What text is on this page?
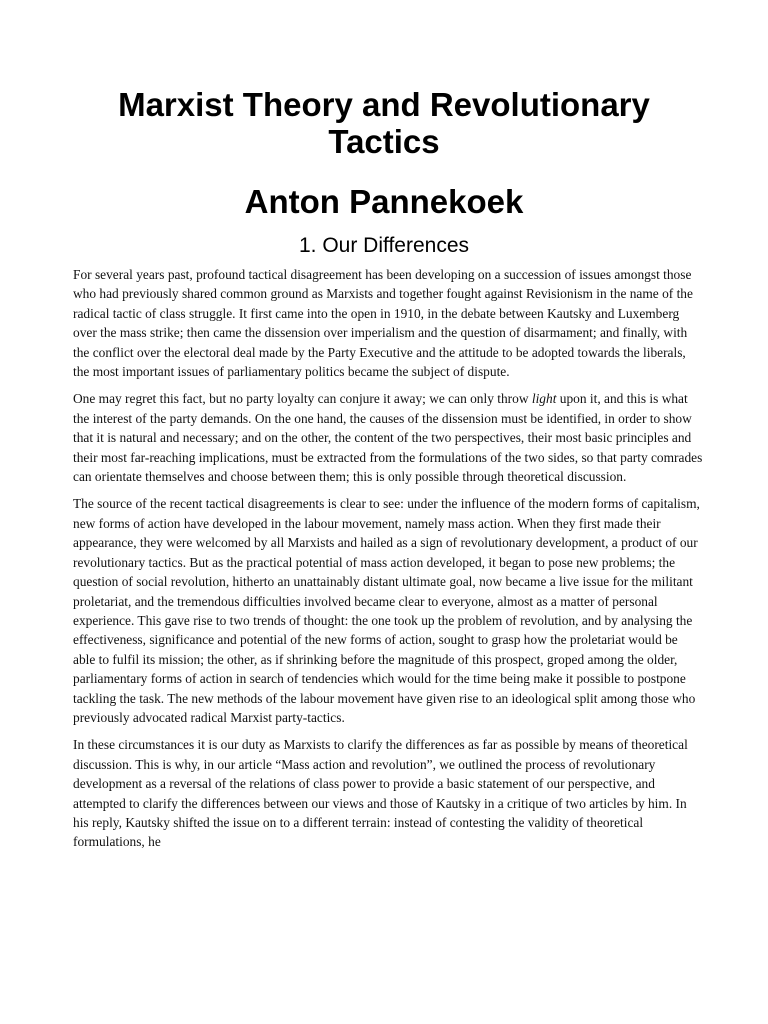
Marxist Theory and Revolutionary Tactics
Anton Pannekoek
1. Our Differences

For several years past, profound tactical disagreement has been developing on a succession of issues amongst those who had previously shared common ground as Marxists and together fought against Revisionism in the name of the radical tactic of class struggle. It first came into the open in 1910, in the debate between Kautsky and Luxemberg over the mass strike; then came the dissension over imperialism and the question of disarmament; and finally, with the conflict over the electoral deal made by the Party Executive and the attitude to be adopted towards the liberals, the most important issues of parliamentary politics became the subject of dispute.

One may regret this fact, but no party loyalty can conjure it away; we can only throw light upon it, and this is what the interest of the party demands. On the one hand, the causes of the dissension must be identified, in order to show that it is natural and necessary; and on the other, the content of the two perspectives, their most basic principles and their most far-reaching implications, must be extracted from the formulations of the two sides, so that party comrades can orientate themselves and choose between them; this is only possible through theoretical discussion.

The source of the recent tactical disagreements is clear to see: under the influence of the modern forms of capitalism, new forms of action have developed in the labour movement, namely mass action. When they first made their appearance, they were welcomed by all Marxists and hailed as a sign of revolutionary development, a product of our revolutionary tactics. But as the practical potential of mass action developed, it began to pose new problems; the question of social revolution, hitherto an unattainably distant ultimate goal, now became a live issue for the militant proletariat, and the tremendous difficulties involved became clear to everyone, almost as a matter of personal experience. This gave rise to two trends of thought: the one took up the problem of revolution, and by analysing the effectiveness, significance and potential of the new forms of action, sought to grasp how the proletariat would be able to fulfil its mission; the other, as if shrinking before the magnitude of this prospect, groped among the older, parliamentary forms of action in search of tendencies which would for the time being make it possible to postpone tackling the task. The new methods of the labour movement have given rise to an ideological split among those who previously advocated radical Marxist party-tactics.

In these circumstances it is our duty as Marxists to clarify the differences as far as possible by means of theoretical discussion. This is why, in our article “Mass action and revolution”, we outlined the process of revolutionary development as a reversal of the relations of class power to provide a basic statement of our perspective, and attempted to clarify the differences between our views and those of Kautsky in a critique of two articles by him. In his reply, Kautsky shifted the issue on to a different terrain: instead of contesting the validity of theoretical formulations, he
